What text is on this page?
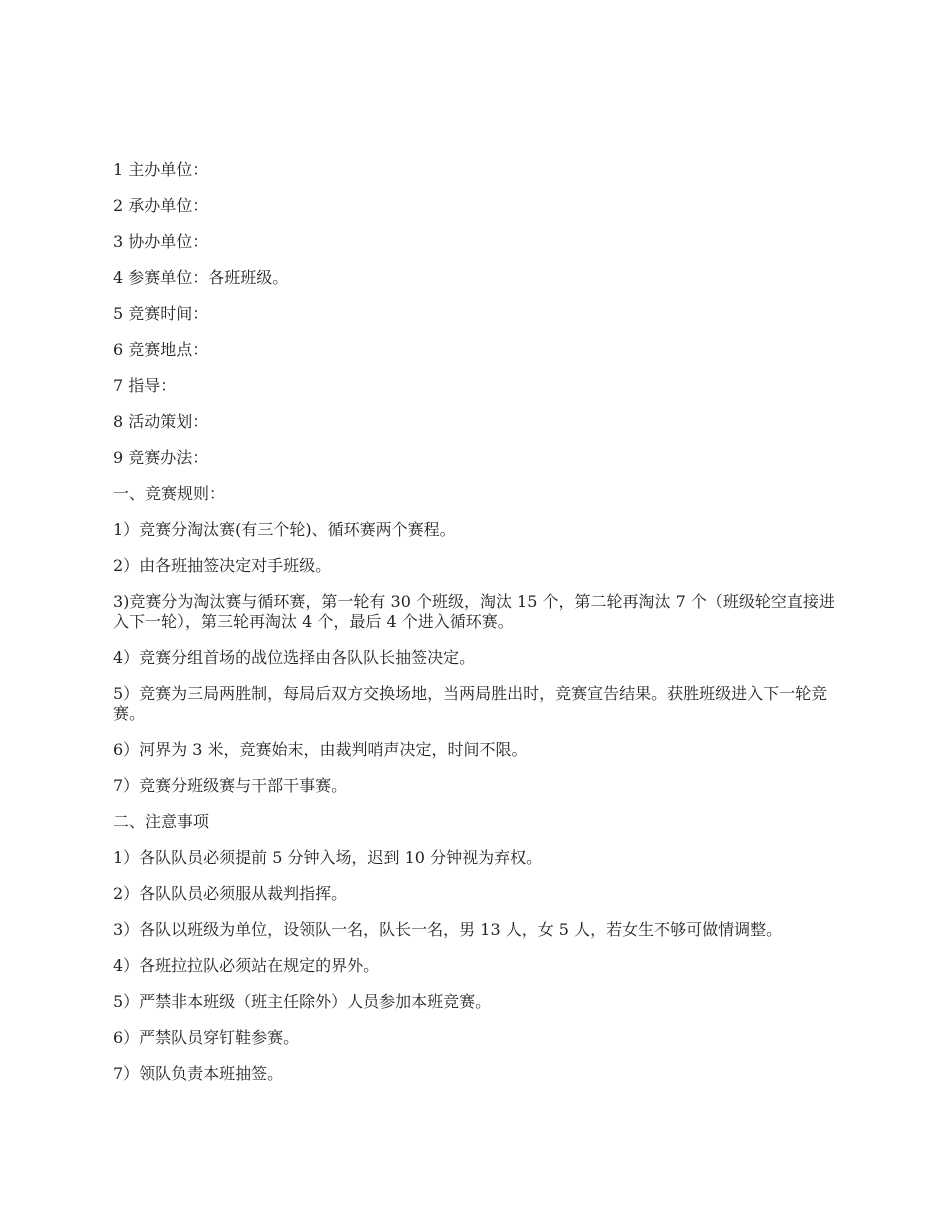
1 主办单位：

2 承办单位：

3 协办单位：

4 参赛单位：各班班级。

5 竞赛时间：

6 竞赛地点：

7 指导：

8 活动策划：

9 竞赛办法：

一、竞赛规则：

1）竞赛分淘汰赛(有三个轮)、循环赛两个赛程。

2）由各班抽签决定对手班级。

3)竞赛分为淘汰赛与循环赛，第一轮有 30 个班级，淘汰 15 个，第二轮再淘汰 7 个（班级轮空直接进入下一轮），第三轮再淘汰 4 个，最后 4 个进入循环赛。

4）竞赛分组首场的战位选择由各队队长抽签决定。

5）竞赛为三局两胜制，每局后双方交换场地，当两局胜出时，竞赛宣告结果。获胜班级进入下一轮竞赛。

6）河界为 3 米，竞赛始末，由裁判哨声决定，时间不限。

7）竞赛分班级赛与干部干事赛。

二、注意事项

1）各队队员必须提前 5 分钟入场，迟到 10 分钟视为弃权。

2）各队队员必须服从裁判指挥。

3）各队以班级为单位，设领队一名，队长一名，男 13 人，女 5 人，若女生不够可做情调整。

4）各班拉拉队必须站在规定的界外。

5）严禁非本班级（班主任除外）人员参加本班竞赛。

6）严禁队员穿钉鞋参赛。

7）领队负责本班抽签。
